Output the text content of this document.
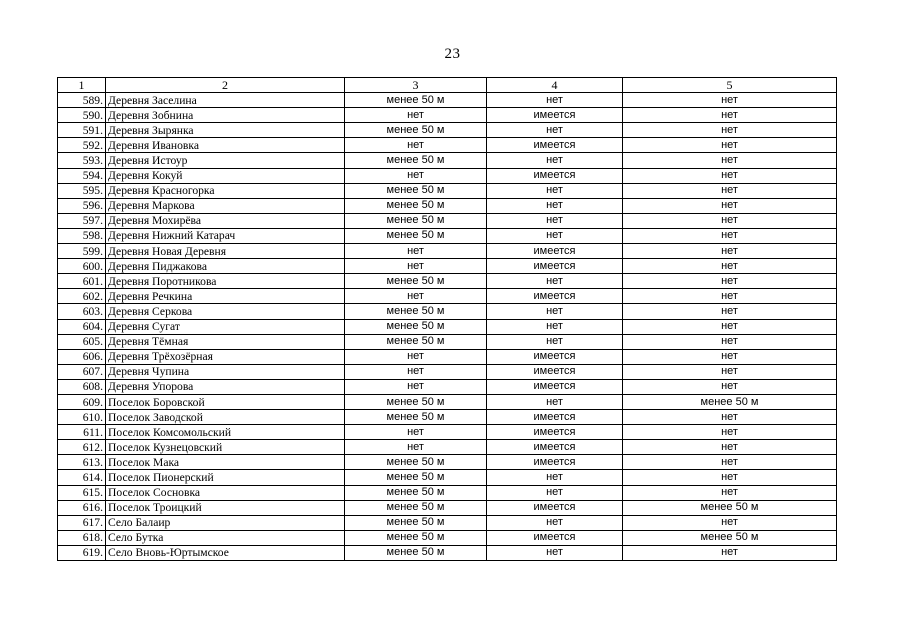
23
1	2	3	4	5
589.	Деревня Заселина	менее 50 м	нет	нет
590.	Деревня Зобнина	нет	имеется	нет
591.	Деревня Зырянка	менее 50 м	нет	нет
592.	Деревня Ивановка	нет	имеется	нет
593.	Деревня Истоур	менее 50 м	нет	нет
594.	Деревня Кокуй	нет	имеется	нет
595.	Деревня Красногорка	менее 50 м	нет	нет
596.	Деревня Маркова	менее 50 м	нет	нет
597.	Деревня Мохирёва	менее 50 м	нет	нет
598.	Деревня Нижний Катарач	менее 50 м	нет	нет
599.	Деревня Новая Деревня	нет	имеется	нет
600.	Деревня Пиджакова	нет	имеется	нет
601.	Деревня Поротникова	менее 50 м	нет	нет
602.	Деревня Речкина	нет	имеется	нет
603.	Деревня Серкова	менее 50 м	нет	нет
604.	Деревня Сугат	менее 50 м	нет	нет
605.	Деревня Тёмная	менее 50 м	нет	нет
606.	Деревня Трёхозёрная	нет	имеется	нет
607.	Деревня Чупина	нет	имеется	нет
608.	Деревня Упорова	нет	имеется	нет
609.	Поселок Боровской	менее 50 м	нет	менее 50 м
610.	Поселок Заводской	менее 50 м	имеется	нет
611.	Поселок Комсомольский	нет	имеется	нет
612.	Поселок Кузнецовский	нет	имеется	нет
613.	Поселок Мака	менее 50 м	имеется	нет
614.	Поселок Пионерский	менее 50 м	нет	нет
615.	Поселок Сосновка	менее 50 м	нет	нет
616.	Поселок Троицкий	менее 50 м	имеется	менее 50 м
617.	Село Балаир	менее 50 м	нет	нет
618.	Село Бутка	менее 50 м	имеется	менее 50 м
619.	Село Вновь-Юртымское	менее 50 м	нет	нет
